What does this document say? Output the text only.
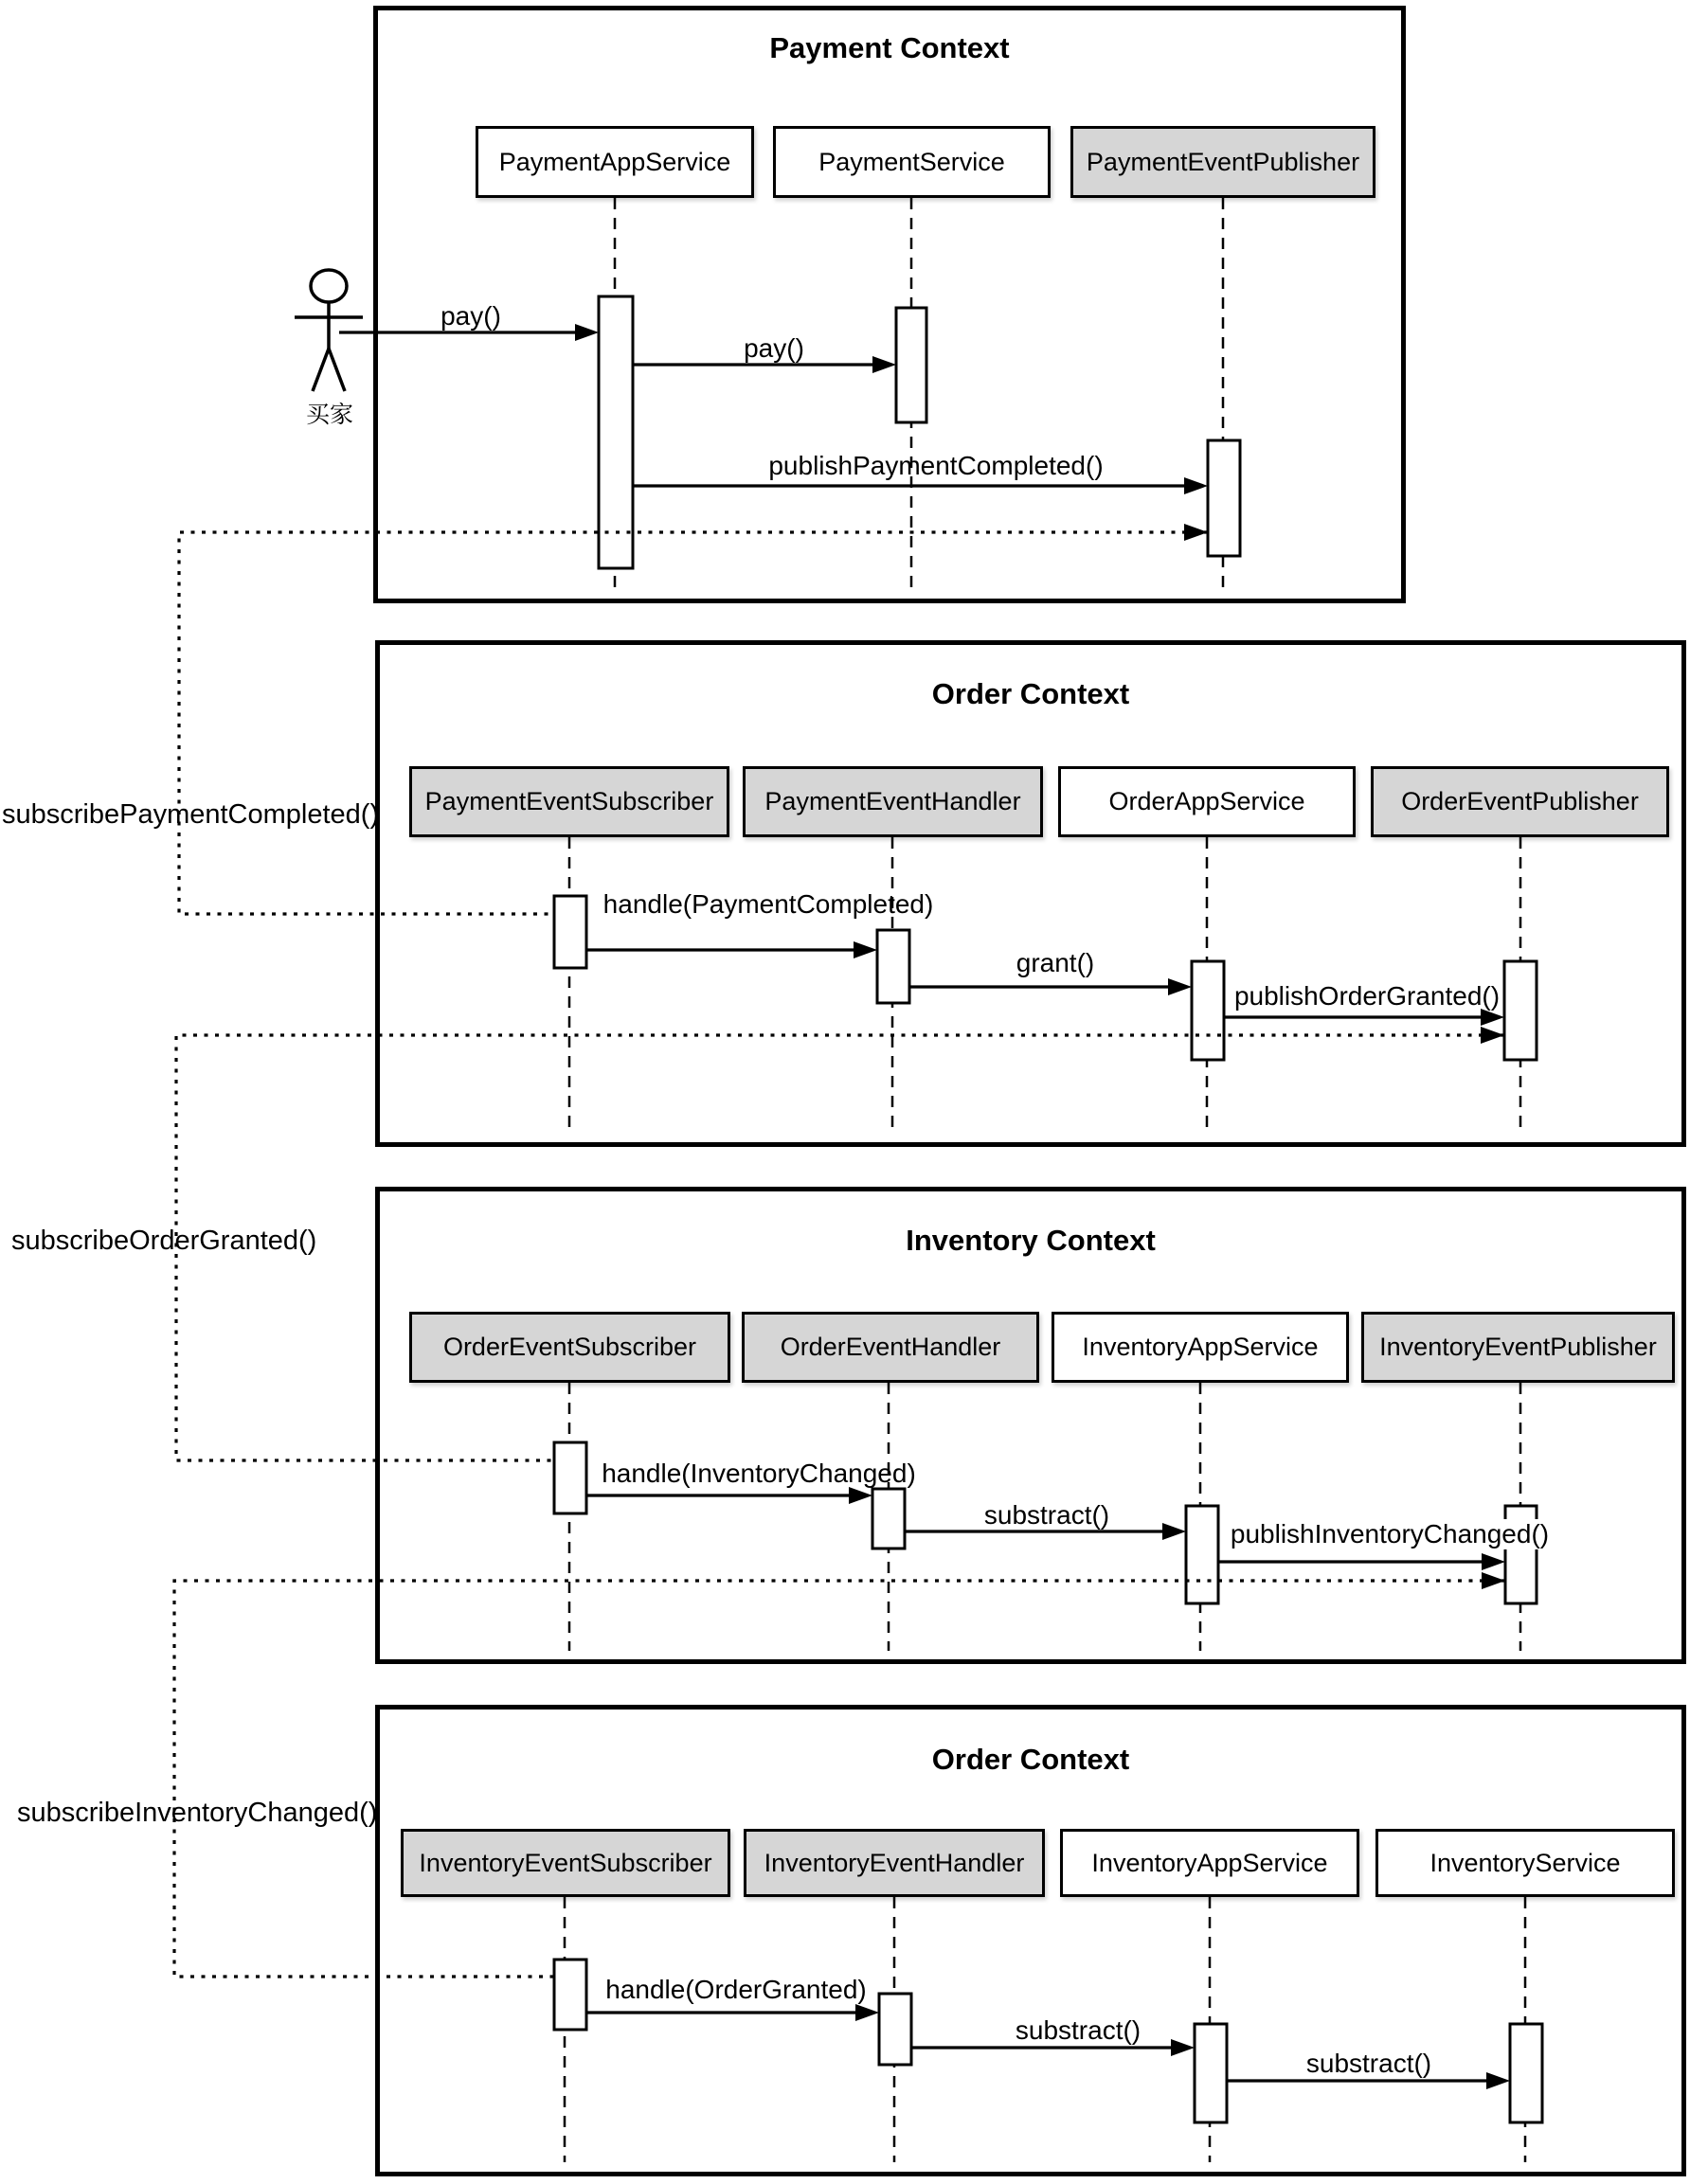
Payment Context
Order Context
Inventory Context
Order Context
PaymentAppService	PaymentService	PaymentEventPublisher
PaymentEventSubscriber	PaymentEventHandler	OrderAppService	OrderEventPublisher
OrderEventSubscriber	OrderEventHandler	InventoryAppService	InventoryEventPublisher
InventoryEventSubscriber	InventoryEventHandler	InventoryAppService	InventoryService
pay()
pay()
publishPaymentCompleted()
handle(PaymentCompleted)
grant()
publishOrderGranted()
handle(InventoryChanged)
substract()
publishInventoryChanged()
handle(OrderGranted)
substract()
substract()
subscribePaymentCompleted()
subscribeOrderGranted()
subscribeInventoryChanged()
买家
